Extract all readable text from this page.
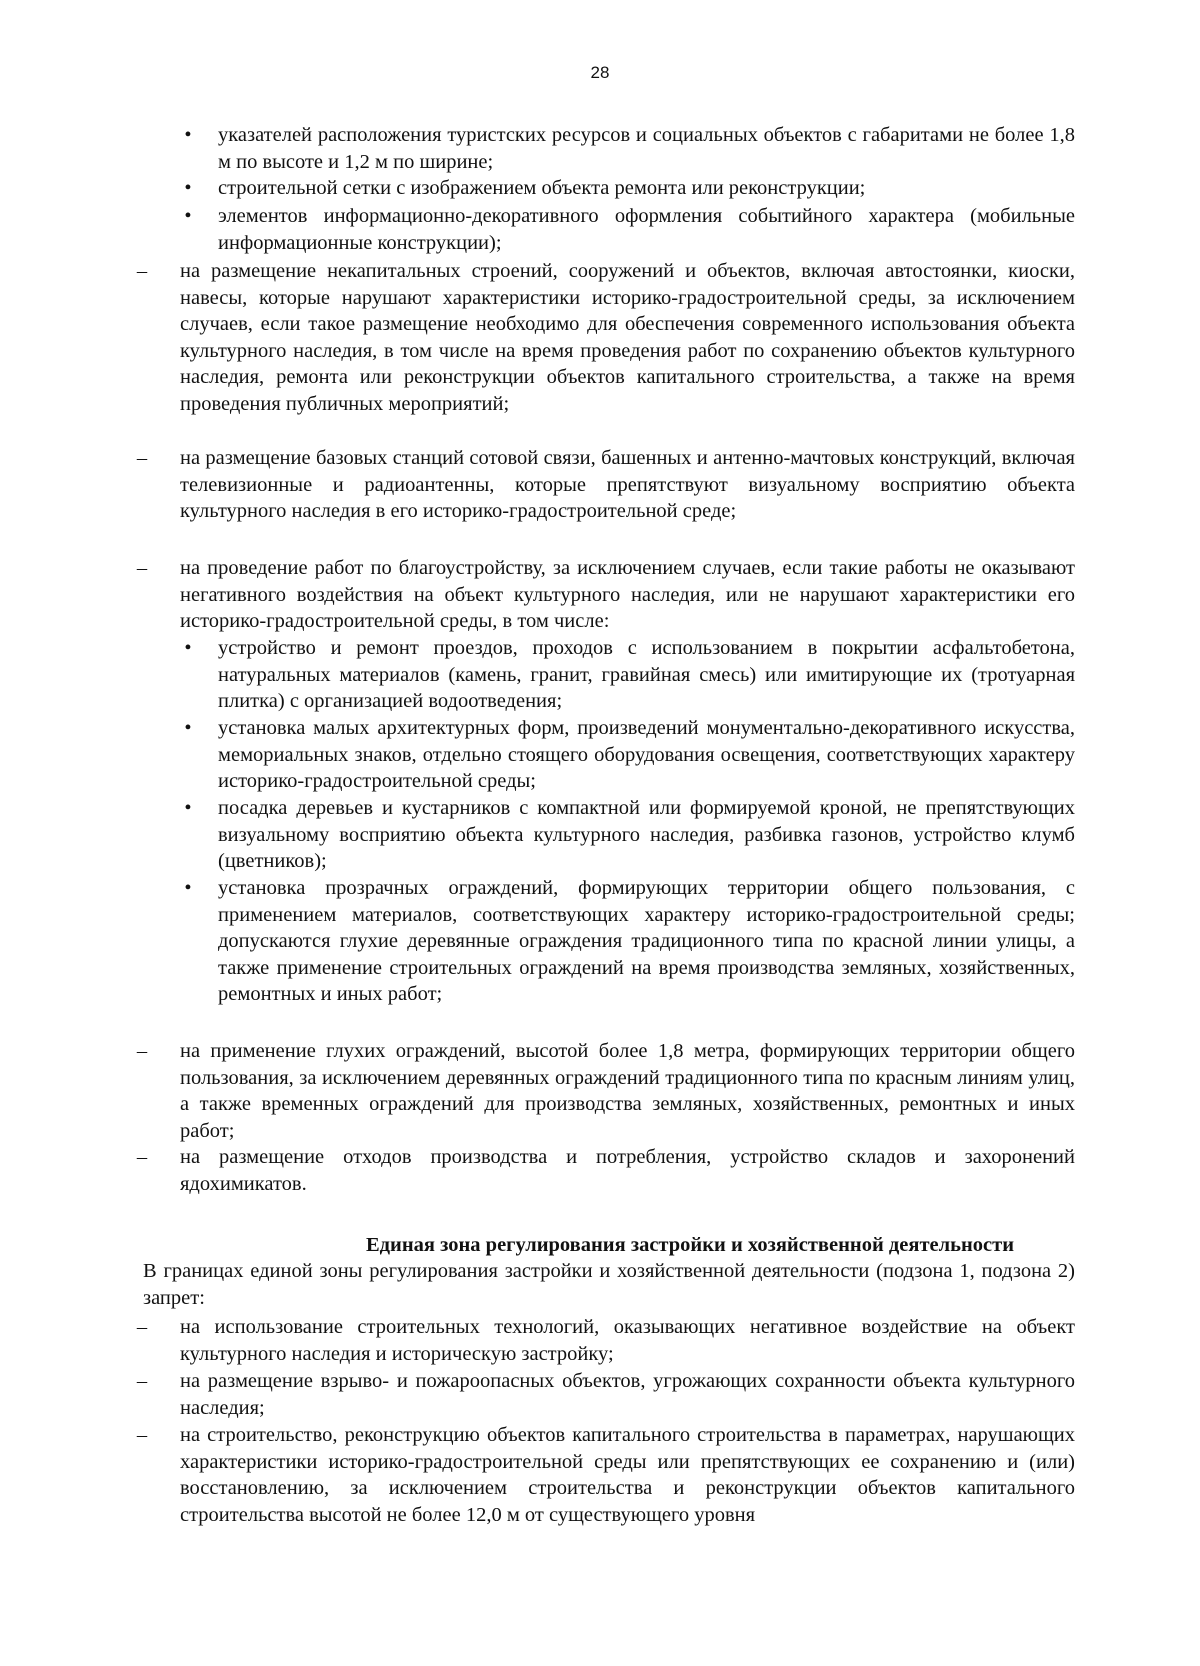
28
•	указателей расположения туристских ресурсов и социальных объектов с габаритами не более 1,8 м по высоте и 1,2 м по ширине;
•	строительной сетки с изображением объекта ремонта или реконструкции;
•	элементов информационно-декоративного оформления событийного характера (мобильные информационные конструкции);
– на размещение некапитальных строений, сооружений и объектов, включая автостоянки, киоски, навесы, которые нарушают характеристики историко-градостроительной среды, за исключением случаев, если такое размещение необходимо для обеспечения современного использования объекта культурного наследия, в том числе на время проведения работ по сохранению объектов культурного наследия, ремонта или реконструкции объектов капитального строительства, а также на время проведения публичных мероприятий;
– на размещение базовых станций сотовой связи, башенных и антенно-мачтовых конструкций, включая телевизионные и радиоантенны, которые препятствуют визуальному восприятию объекта культурного наследия в его историко-градостроительной среде;
– на проведение работ по благоустройству, за исключением случаев, если такие работы не оказывают негативного воздействия на объект культурного наследия, или не нарушают характеристики его историко-градостроительной среды, в том числе:
•	устройство и ремонт проездов, проходов с использованием в покрытии асфальтобетона, натуральных материалов (камень, гранит, гравийная смесь) или имитирующие их (тротуарная плитка) с организацией водоотведения;
•	установка малых архитектурных форм, произведений монументально-декоративного искусства, мемориальных знаков, отдельно стоящего оборудования освещения, соответствующих характеру историко-градостроительной среды;
•	посадка деревьев и кустарников с компактной или формируемой кроной, не препятствующих визуальному восприятию объекта культурного наследия, разбивка газонов, устройство клумб (цветников);
•	установка прозрачных ограждений, формирующих территории общего пользования, с применением материалов, соответствующих характеру историко-градостроительной среды; допускаются глухие деревянные ограждения традиционного типа по красной линии улицы, а также применение строительных ограждений на время производства земляных, хозяйственных, ремонтных и иных работ;
– на применение глухих ограждений, высотой более 1,8 метра, формирующих территории общего пользования, за исключением деревянных ограждений традиционного типа по красным линиям улиц, а также временных ограждений для производства земляных, хозяйственных, ремонтных и иных работ;
– на размещение отходов производства и потребления, устройство складов и захоронений ядохимикатов.
Единая зона регулирования застройки и хозяйственной деятельности
В границах единой зоны регулирования застройки и хозяйственной деятельности (подзона 1, подзона 2) запрет:
– на использование строительных технологий, оказывающих негативное воздействие на объект культурного наследия и историческую застройку;
– на размещение взрыво- и пожароопасных объектов, угрожающих сохранности объекта культурного наследия;
– на строительство, реконструкцию объектов капитального строительства в параметрах, нарушающих характеристики историко-градостроительной среды или препятствующих ее сохранению и (или) восстановлению, за исключением строительства и реконструкции объектов капитального строительства высотой не более 12,0 м от существующего уровня
